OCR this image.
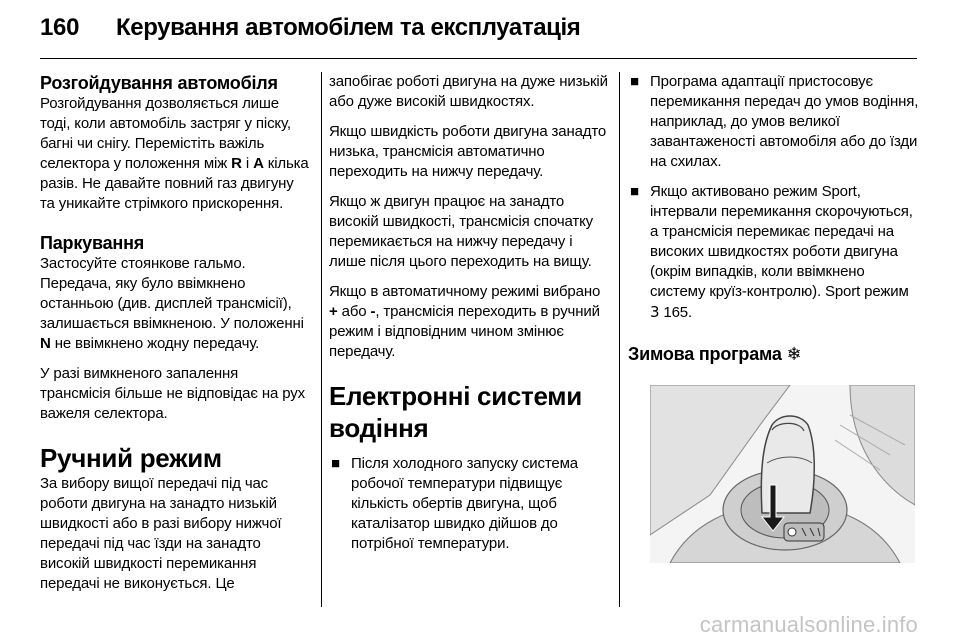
160 Керування автомобілем та експлуатація
Розгойдування автомобіля

Розгойдування дозволяється лише тоді, коли автомобіль застряг у піску, багні чи снігу. Перемістіть важіль селектора у положення між R і A кілька разів. Не давайте повний газ двигуну та уникайте стрімкого прискорення.

Паркування

Застосуйте стоянкове гальмо. Передача, яку було ввімкнено останньою (див. дисплей трансмісії), залишається ввімкненою. У положенні N не ввімкнено жодну передачу.

У разі вимкненого запалення трансмісія більше не відповідає на рух важеля селектора.

Ручний режим

За вибору вищої передачі під час роботи двигуна на занадто низькій швидкості або в разі вибору нижчої передачі під час їзди на занадто високій швидкості перемикання передачі не виконується. Це

запобігає роботі двигуна на дуже низькій або дуже високій швидкостях.

Якщо швидкість роботи двигуна занадто низька, трансмісія автоматично переходить на нижчу передачу.

Якщо ж двигун працює на занадто високій швидкості, трансмісія спочатку перемикається на нижчу передачу і лише після цього переходить на вищу.

Якщо в автоматичному режимі вибрано + або -, трансмісія переходить в ручний режим і відповідним чином змінює передачу.

Електронні системи водіння
■ Після холодного запуску система робочої температури підвищує кількість обертів двигуна, щоб каталізатор швидко дійшов до потрібної температури.
■ Програма адаптації пристосовує перемикання передач до умов водіння, наприклад, до умов великої завантаженості автомобіля або до їзди на схилах.
■ Якщо активовано режим Sport, інтервали перемикання скорочуються, а трансмісія перемикає передачі на високих швидкостях роботи двигуна (окрім випадків, коли ввімкнено систему круїз-контролю). Sport режим 3 165.
Зимова програма ❄
carmanualsonline.info
